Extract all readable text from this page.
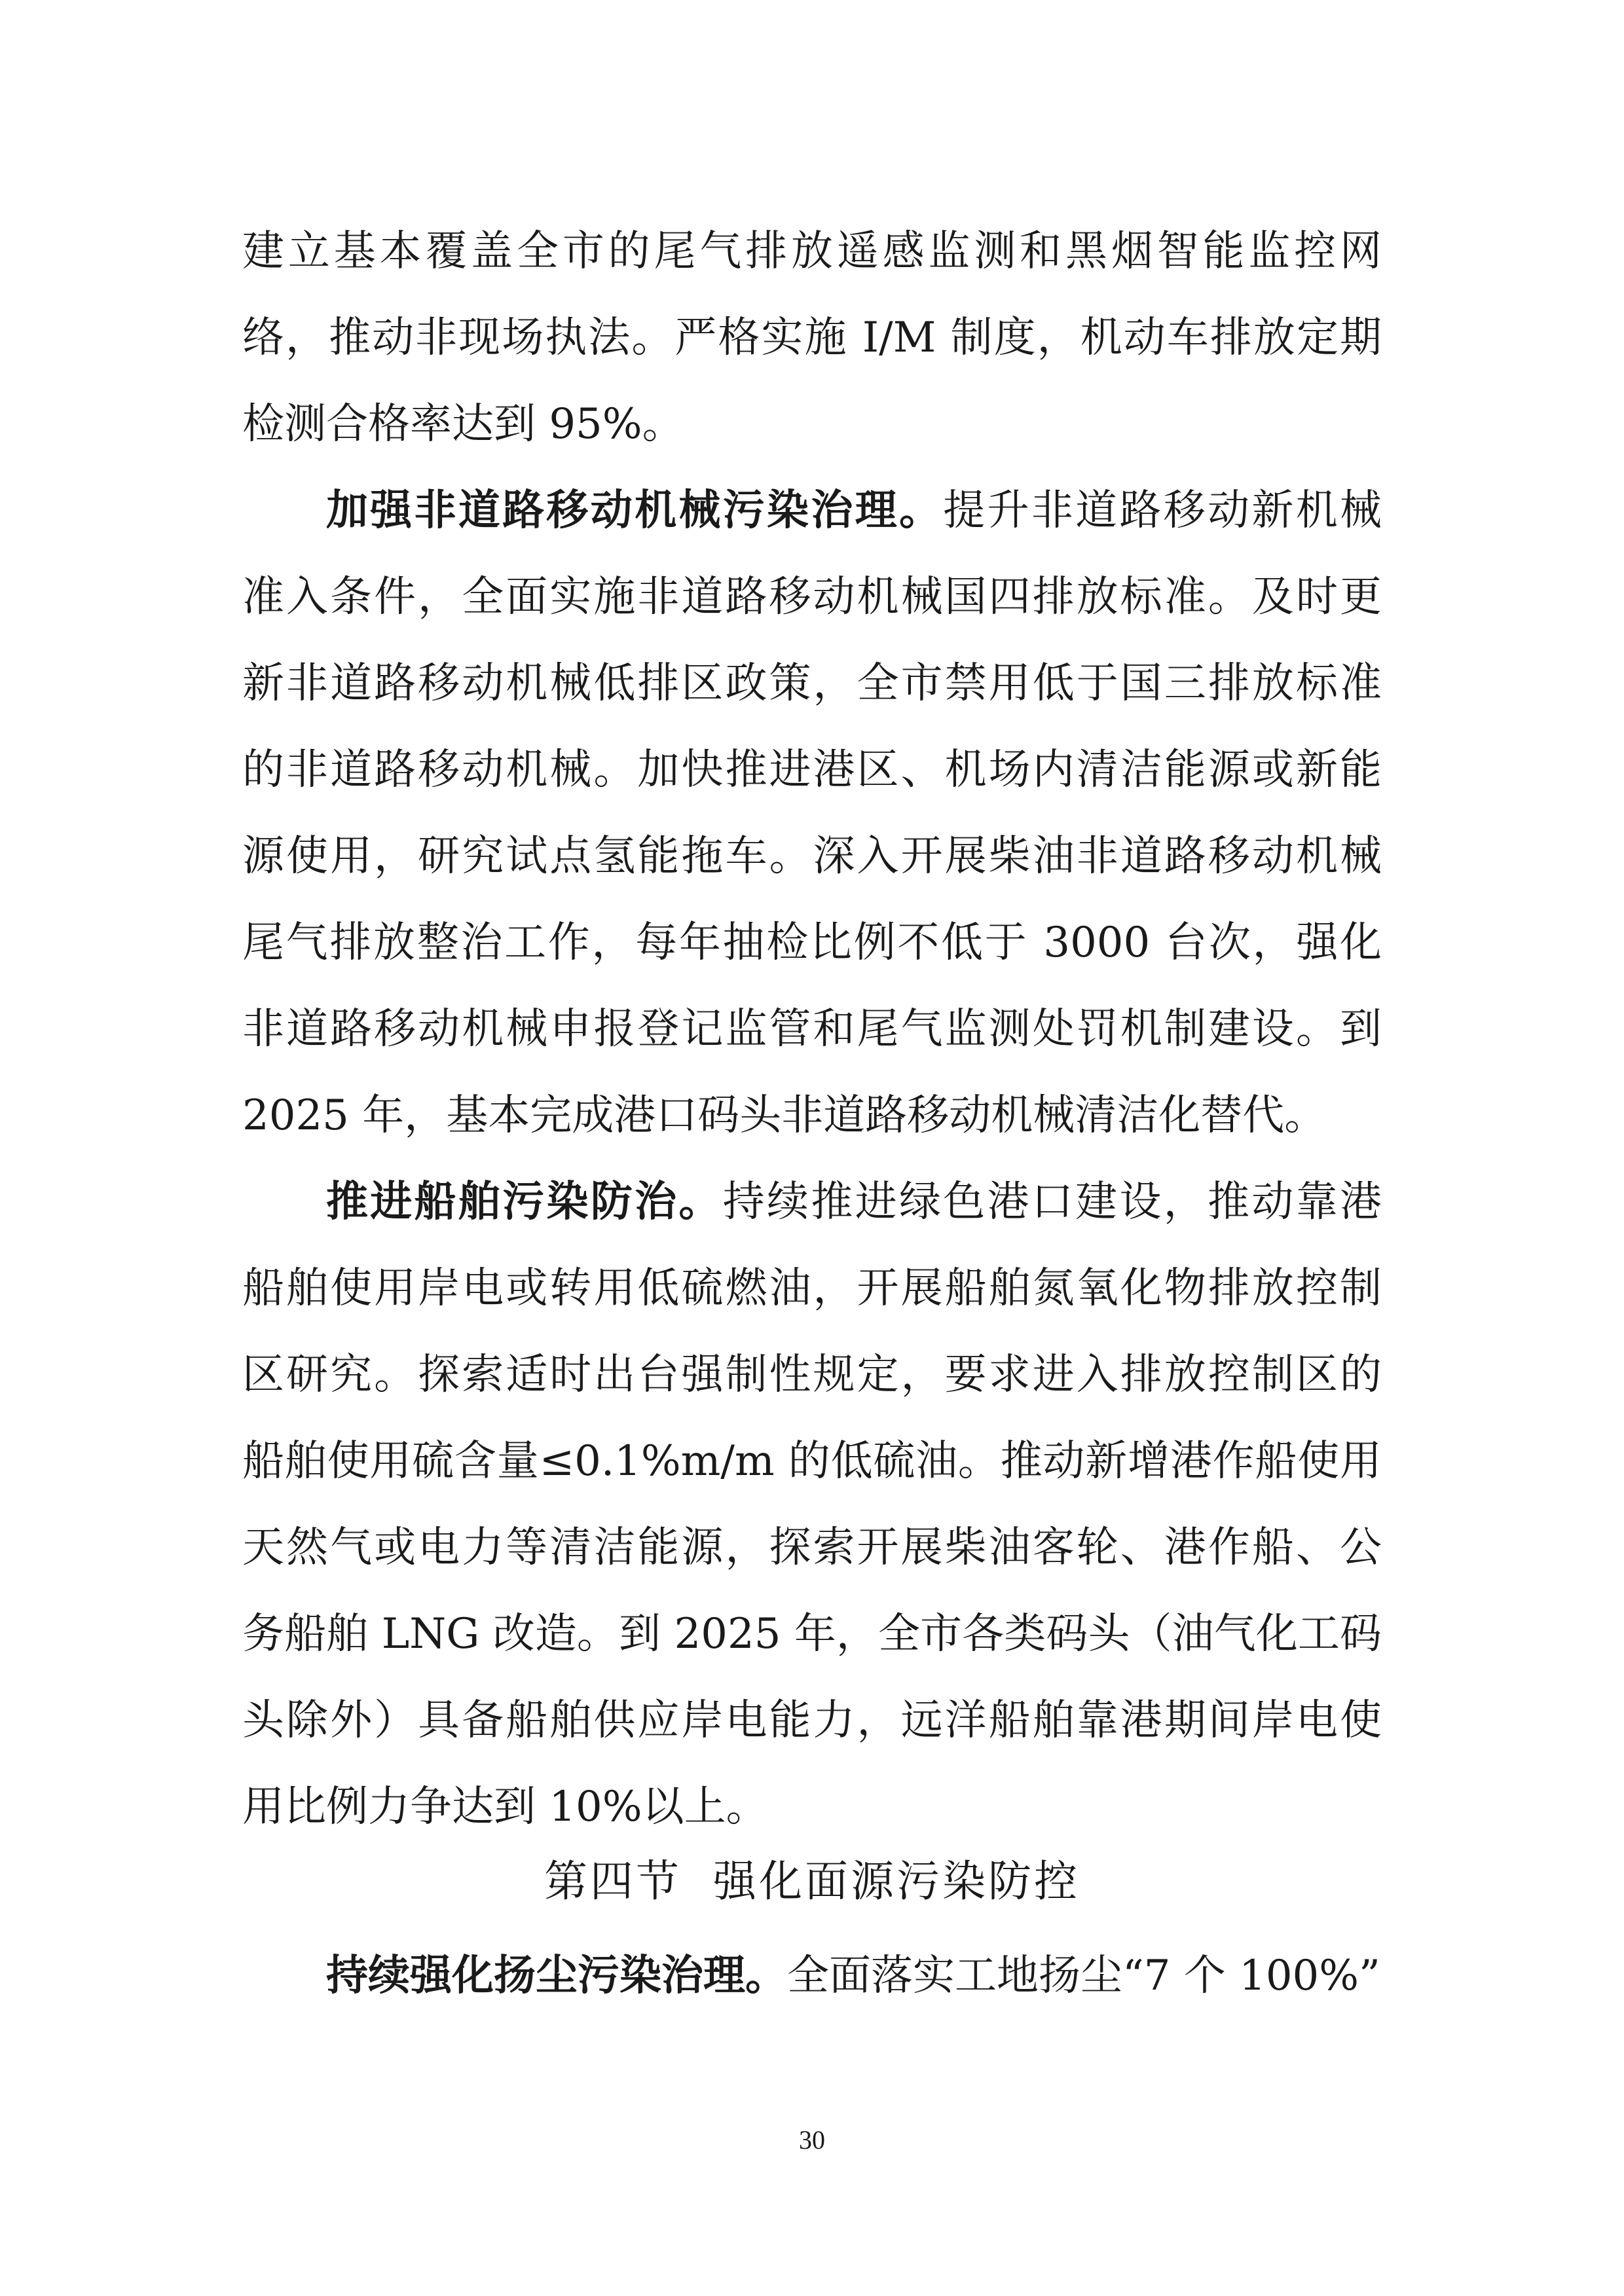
建立基本覆盖全市的尾气排放遥感监测和黑烟智能监控网
络，推动非现场执法。严格实施 I/M 制度，机动车排放定期
检测合格率达到 95%。
加强非道路移动机械污染治理。提升非道路移动新机械
准入条件，全面实施非道路移动机械国四排放标准。及时更
新非道路移动机械低排区政策，全市禁用低于国三排放标准
的非道路移动机械。加快推进港区、机场内清洁能源或新能
源使用，研究试点氢能拖车。深入开展柴油非道路移动机械
尾气排放整治工作，每年抽检比例不低于 3000 台次，强化
非道路移动机械申报登记监管和尾气监测处罚机制建设。到
2025 年，基本完成港口码头非道路移动机械清洁化替代。
推进船舶污染防治。持续推进绿色港口建设，推动靠港
船舶使用岸电或转用低硫燃油，开展船舶氮氧化物排放控制
区研究。探索适时出台强制性规定，要求进入排放控制区的
船舶使用硫含量≤0.1%m/m 的低硫油。推动新增港作船使用
天然气或电力等清洁能源，探索开展柴油客轮、港作船、公
务船舶 LNG 改造。到 2025 年，全市各类码头（油气化工码
头除外）具备船舶供应岸电能力，远洋船舶靠港期间岸电使
用比例力争达到 10%以上。
第四节 强化面源污染防控
持续强化扬尘污染治理。全面落实工地扬尘“7 个 100%”
30
